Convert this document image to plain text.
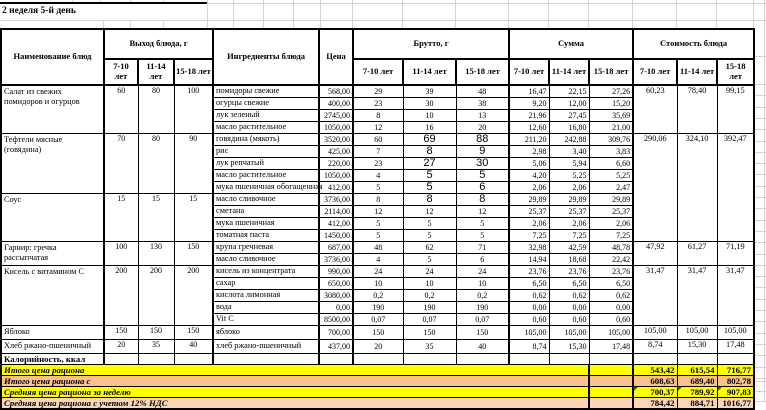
2 неделя 5-й день
Наименование блюд	Выход блюда, г			Ингредиенты блюда	Цена	Брутто, г			Сумма			Стоимость блюда		
	7-10 лет	11-14 лет	15-18 лет			7-10 лет	11-14 лет	15-18 лет	7-10 лет	11-14 лет	15-18 лет	7-10 лет	11-14 лет	15-18 лет
Салат из свежих помидоров и огурцов	60	80	100	помидоры свежие	568,00	29	39	48	16,47	22,15	27,26	60,23	78,40	99,15
				огурцы свежие	400,00	23	30	38	9,20	12,00	15,20			
				лук зеленый	2745,00	8	10	13	21,96	27,45	35,69			
				масло растительное	1050,00	12	16	20	12,60	16,80	21,00			
Тефтели мясные (говядина)	70	80	90	говядина (мякоть)	3520,00	60	69	88	211,20	242,88	309,76	290,06	324,10	392,47
				рис	425,00	7	8	9	2,98	3,40	3,83			
				лук репчатый	220,00	23	27	30	5,06	5,94	6,60			
				масло растительное	1050,00	4	5	5	4,20	5,25	5,25			
				мука пшеничная обогащенная	412,00	5	5	6	2,06	2,06	2,47			
Соус	15	15	15	масло сливочное	3736,00	8	8	8	29,89	29,89	29,89			
				сметана	2114,00	12	12	12	25,37	25,37	25,37			
				мука пшеничная	412,00	5	5	5	2,06	2,06	2,06			
				томатная паста	1450,00	5	5	5	7,25	7,25	7,25			
Гарнир: гречка рассыпчатая	100	130	150	крупа гречневая	687,00	48	62	71	32,98	42,59	48,78	47,92	61,27	71,19
				масло сливочное	3736,00	4	5	6	14,94	18,68	22,42			
Кисель с витамином С	200	200	200	кисель из концентрата	990,00	24	24	24	23,76	23,76	23,76	31,47	31,47	31,47
				сахар	650,00	10	10	10	6,50	6,50	6,50			
				кислота лимонная	3080,00	0,2	0,2	0,2	0,62	0,62	0,62			
				вода	0,00	190	190	190	0,00	0,00	0,00			
				Vit C	8500,00	0,07	0,07	0,07	0,60	0,60	0,60			
Яблоко	150	150	150	яблоко	700,00	150	150	150	105,00	105,00	105,00	105,00	105,00	105,00
Хлеб ржано-пшеничный	20	35	40	хлеб ржано-пшеничный	437,00	20	35	40	8,74	15,30	17,48	8,74	15,30	17,48
Калорийность, ккал														
Итого цена рациона												543,42	615,54	716,77
Итого цена рациона с												608,63	689,40	802,78
Средняя цена рациона за неделю												700,37	789,92	907,83
Средняя цена рациона с учетом 12% НДС												784,42	884,71	1016,77
